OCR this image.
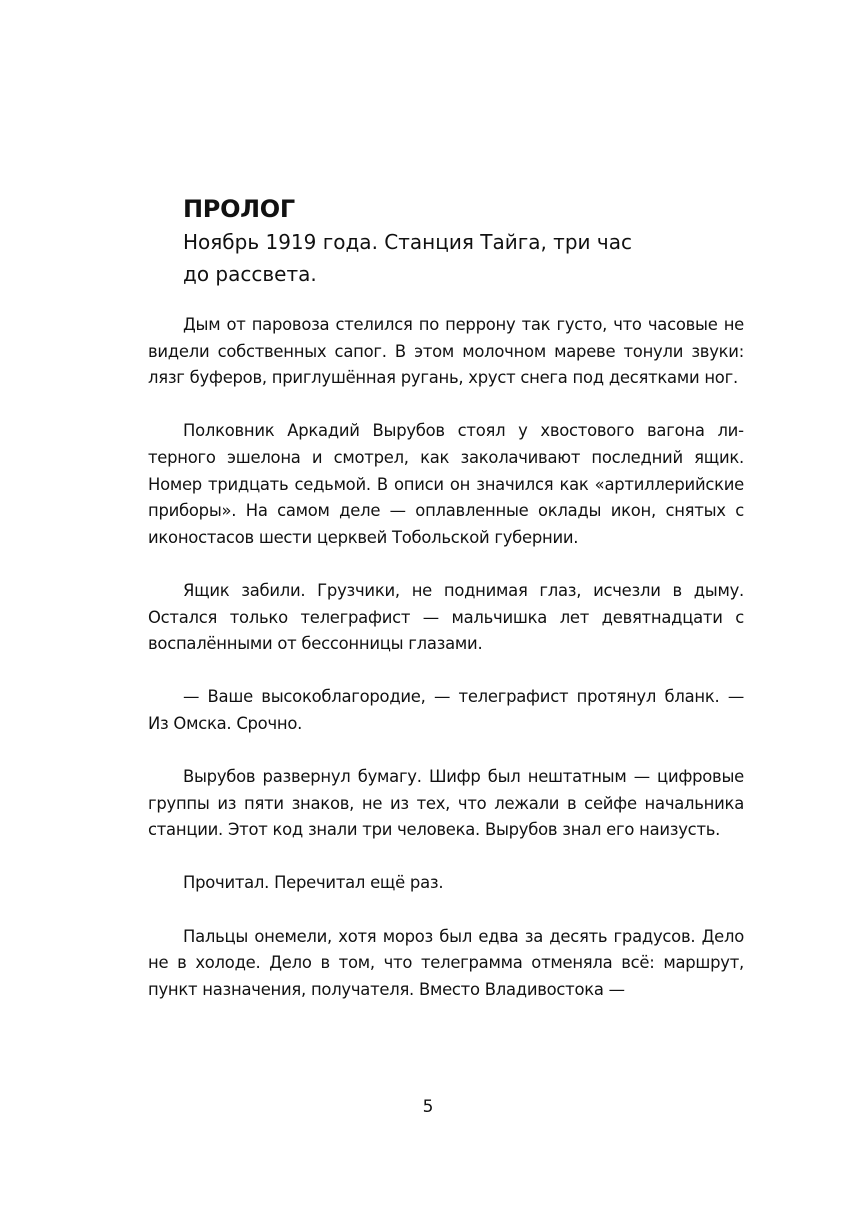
ПРОЛОГ
Ноябрь 1919 года. Станция Тайга, три час до рассвета.

Дым от паровоза стелился по перрону так густо, что часовые не видели собственных сапог. В этом молочном мареве тонули звуки: лязг буферов, приглушённая ругань, хруст снега под десятками ног.

Полковник Аркадий Вырубов стоял у хвостового вагона литерного эшелона и смотрел, как заколачивают последний ящик. Номер тридцать седьмой. В описи он значился как «артиллерийские приборы». На самом деле — оплавленные оклады икон, снятых с иконостасов шести церквей Тобольской губернии.

Ящик забили. Грузчики, не поднимая глаз, исчезли в дыму. Остался только телеграфист — мальчишка лет девятнадцати с воспалёнными от бессонницы глазами.

— Ваше высокоблагородие, — телеграфист протянул бланк. — Из Омска. Срочно.

Вырубов развернул бумагу. Шифр был нештатным — цифровые группы из пяти знаков, не из тех, что лежали в сейфе начальника станции. Этот код знали три человека. Вырубов знал его наизусть.

Прочитал. Перечитал ещё раз.

Пальцы онемели, хотя мороз был едва за десять градусов. Дело не в холоде. Дело в том, что телеграмма отменяла всё: маршрут, пункт назначения, получателя. Вместо Владивостока —

5
